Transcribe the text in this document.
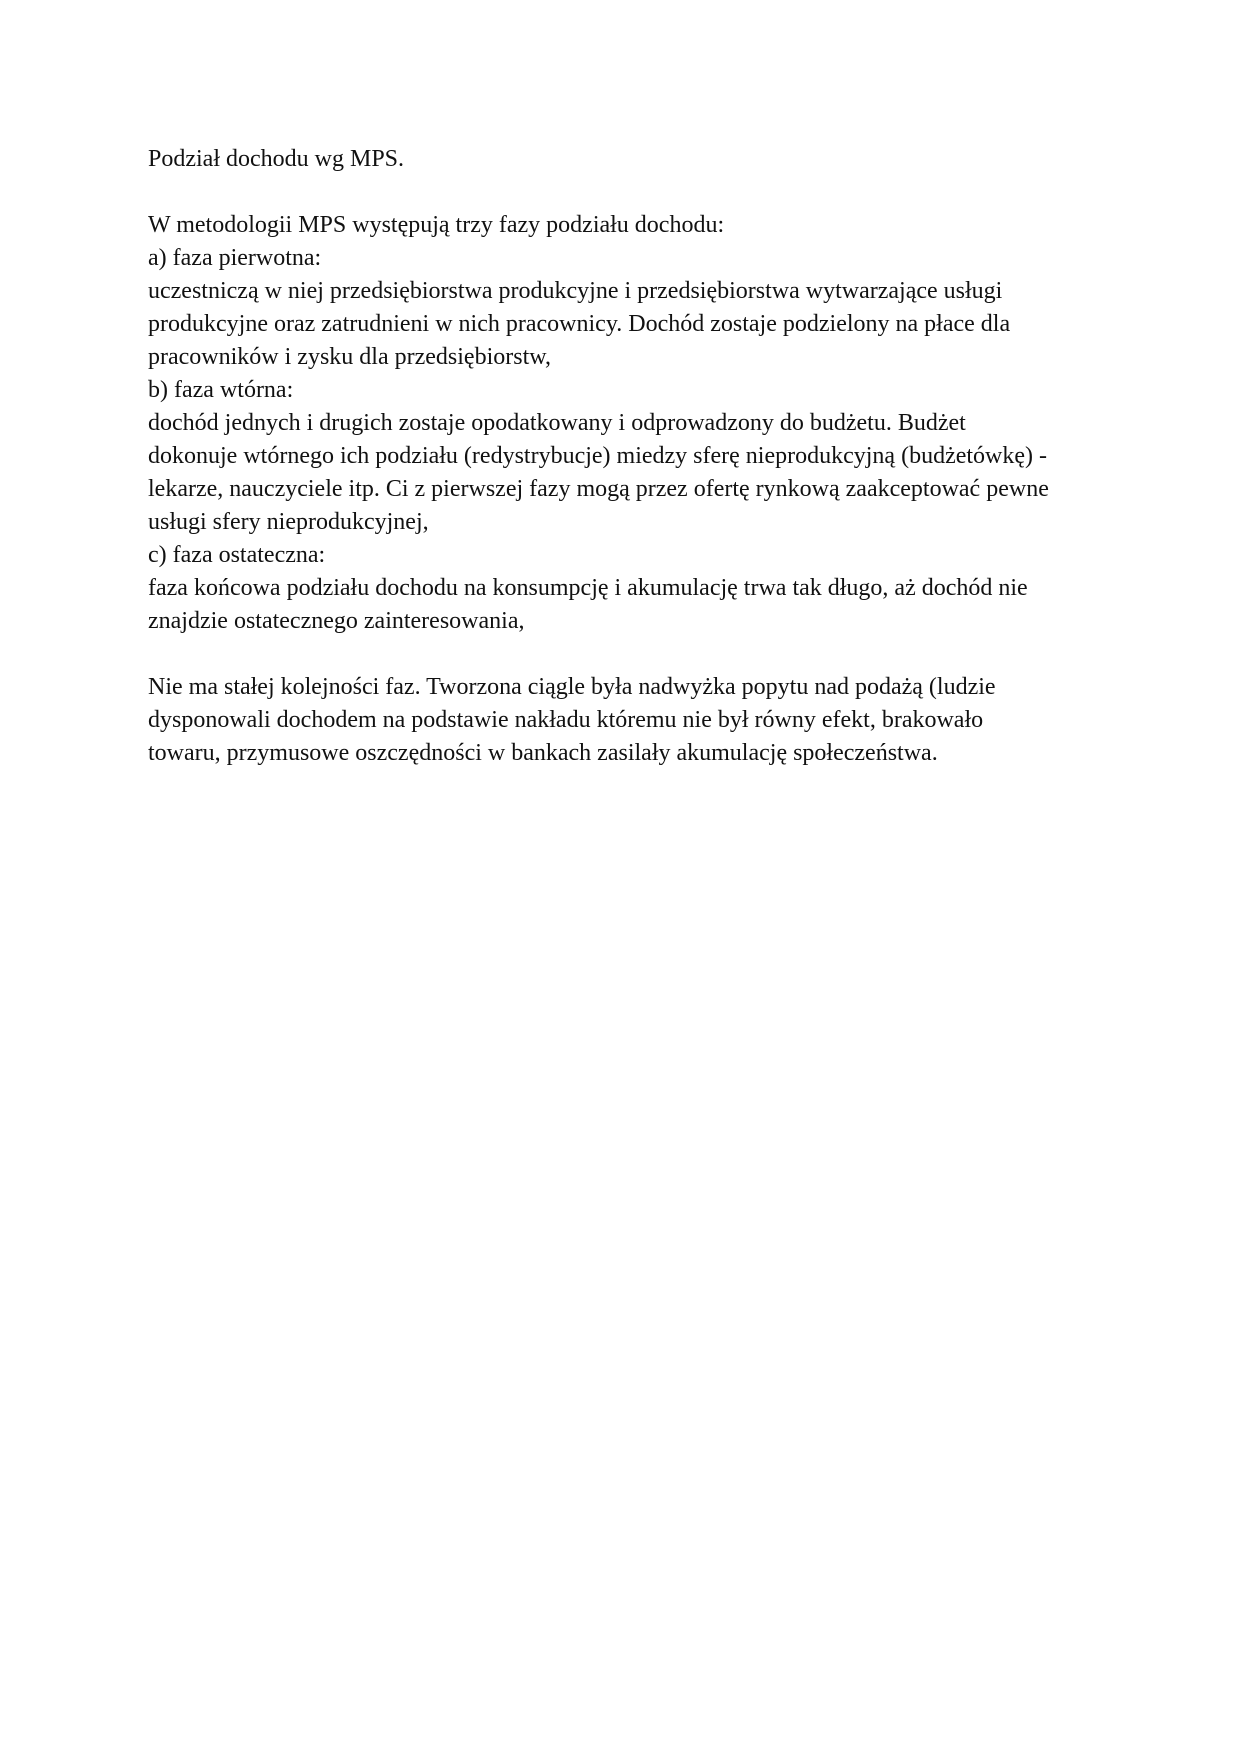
Podział dochodu wg MPS.
W metodologii MPS występują trzy fazy podziału dochodu:
a) faza pierwotna:
uczestniczą w niej przedsiębiorstwa produkcyjne i przedsiębiorstwa wytwarzające usługi
produkcyjne oraz zatrudnieni w nich pracownicy. Dochód zostaje podzielony na płace dla
pracowników i zysku dla przedsiębiorstw,
b) faza wtórna:
dochód jednych i drugich zostaje opodatkowany i odprowadzony do budżetu. Budżet
dokonuje wtórnego ich podziału (redystrybucje) miedzy sferę nieprodukcyjną (budżetówkę) -
lekarze, nauczyciele itp. Ci z pierwszej fazy mogą przez ofertę rynkową zaakceptować pewne
usługi sfery nieprodukcyjnej,
c) faza ostateczna:
faza końcowa podziału dochodu na konsumpcję i akumulację trwa tak długo, aż dochód nie
znajdzie ostatecznego zainteresowania,
Nie ma stałej kolejności faz. Tworzona ciągle była nadwyżka popytu nad podażą (ludzie
dysponowali dochodem na podstawie nakładu któremu nie był równy efekt, brakowało
towaru, przymusowe oszczędności w bankach zasilały akumulację społeczeństwa.
